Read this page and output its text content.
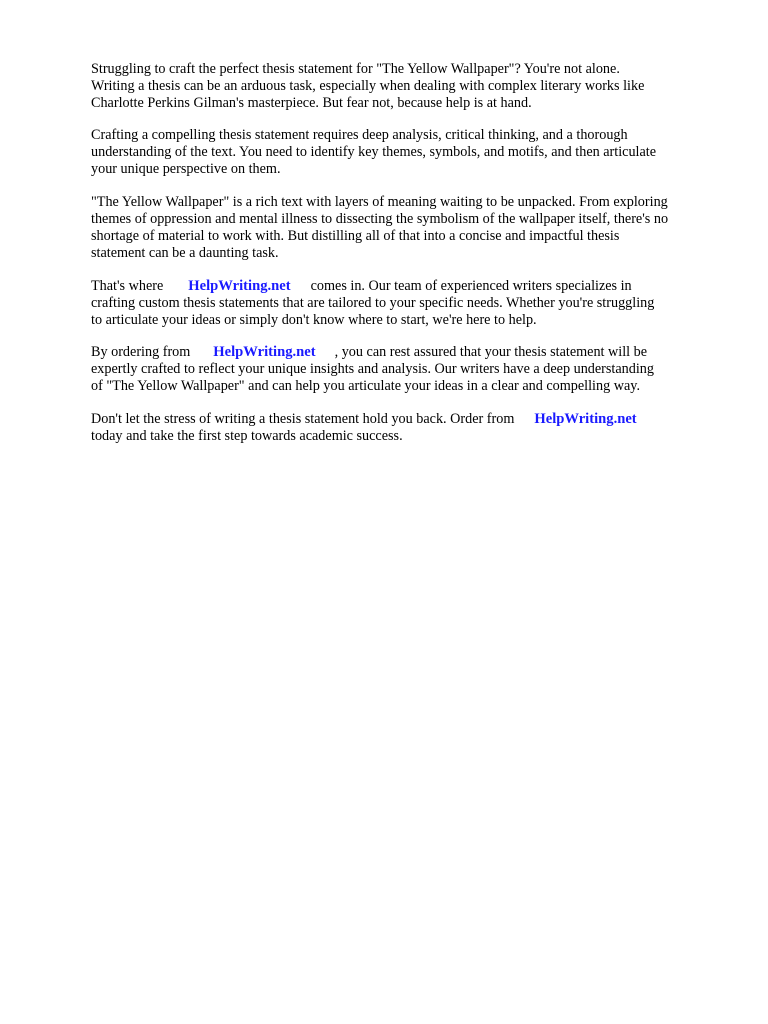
Struggling to craft the perfect thesis statement for "The Yellow Wallpaper"? You're not alone.
Writing a thesis can be an arduous task, especially when dealing with complex literary works like
Charlotte Perkins Gilman's masterpiece. But fear not, because help is at hand.

Crafting a compelling thesis statement requires deep analysis, critical thinking, and a thorough
understanding of the text. You need to identify key themes, symbols, and motifs, and then articulate
your unique perspective on them.

"The Yellow Wallpaper" is a rich text with layers of meaning waiting to be unpacked. From exploring
themes of oppression and mental illness to dissecting the symbolism of the wallpaper itself, there's no
shortage of material to work with. But distilling all of that into a concise and impactful thesis
statement can be a daunting task.

That's where HelpWriting.net comes in. Our team of experienced writers specializes in
crafting custom thesis statements that are tailored to your specific needs. Whether you're struggling
to articulate your ideas or simply don't know where to start, we're here to help.

By ordering from HelpWriting.net , you can rest assured that your thesis statement will be
expertly crafted to reflect your unique insights and analysis. Our writers have a deep understanding
of "The Yellow Wallpaper" and can help you articulate your ideas in a clear and compelling way.

Don't let the stress of writing a thesis statement hold you back. Order from HelpWriting.net
today and take the first step towards academic success.
